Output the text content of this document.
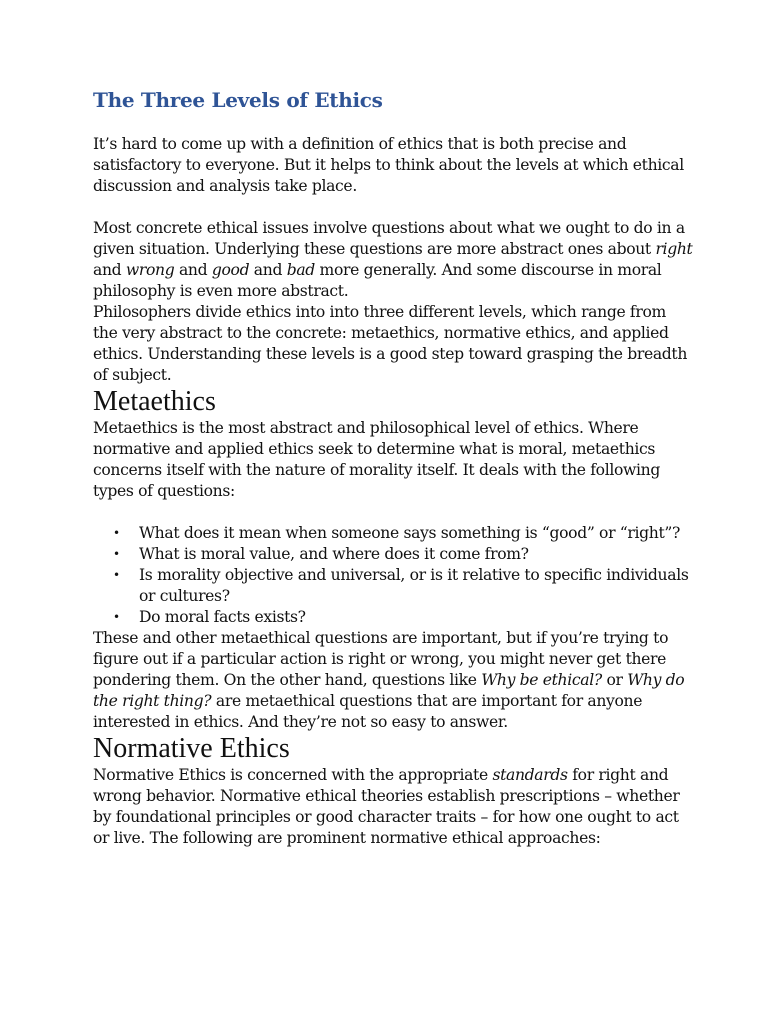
The Three Levels of Ethics

It’s hard to come up with a definition of ethics that is both precise and satisfactory to everyone. But it helps to think about the levels at which ethical discussion and analysis take place.

Most concrete ethical issues involve questions about what we ought to do in a given situation. Underlying these questions are more abstract ones about right and wrong and good and bad more generally. And some discourse in moral philosophy is even more abstract.

Philosophers divide ethics into into three different levels, which range from the very abstract to the concrete: metaethics, normative ethics, and applied ethics. Understanding these levels is a good step toward grasping the breadth of subject.

Metaethics

Metaethics is the most abstract and philosophical level of ethics. Where normative and applied ethics seek to determine what is moral, metaethics concerns itself with the nature of morality itself. It deals with the following types of questions:

• What does it mean when someone says something is “good” or “right”?
• What is moral value, and where does it come from?
• Is morality objective and universal, or is it relative to specific individuals or cultures?
• Do moral facts exists?

These and other metaethical questions are important, but if you’re trying to figure out if a particular action is right or wrong, you might never get there pondering them. On the other hand, questions like Why be ethical? or Why do the right thing? are metaethical questions that are important for anyone interested in ethics. And they’re not so easy to answer.

Normative Ethics

Normative Ethics is concerned with the appropriate standards for right and wrong behavior. Normative ethical theories establish prescriptions – whether by foundational principles or good character traits – for how one ought to act or live. The following are prominent normative ethical approaches:
